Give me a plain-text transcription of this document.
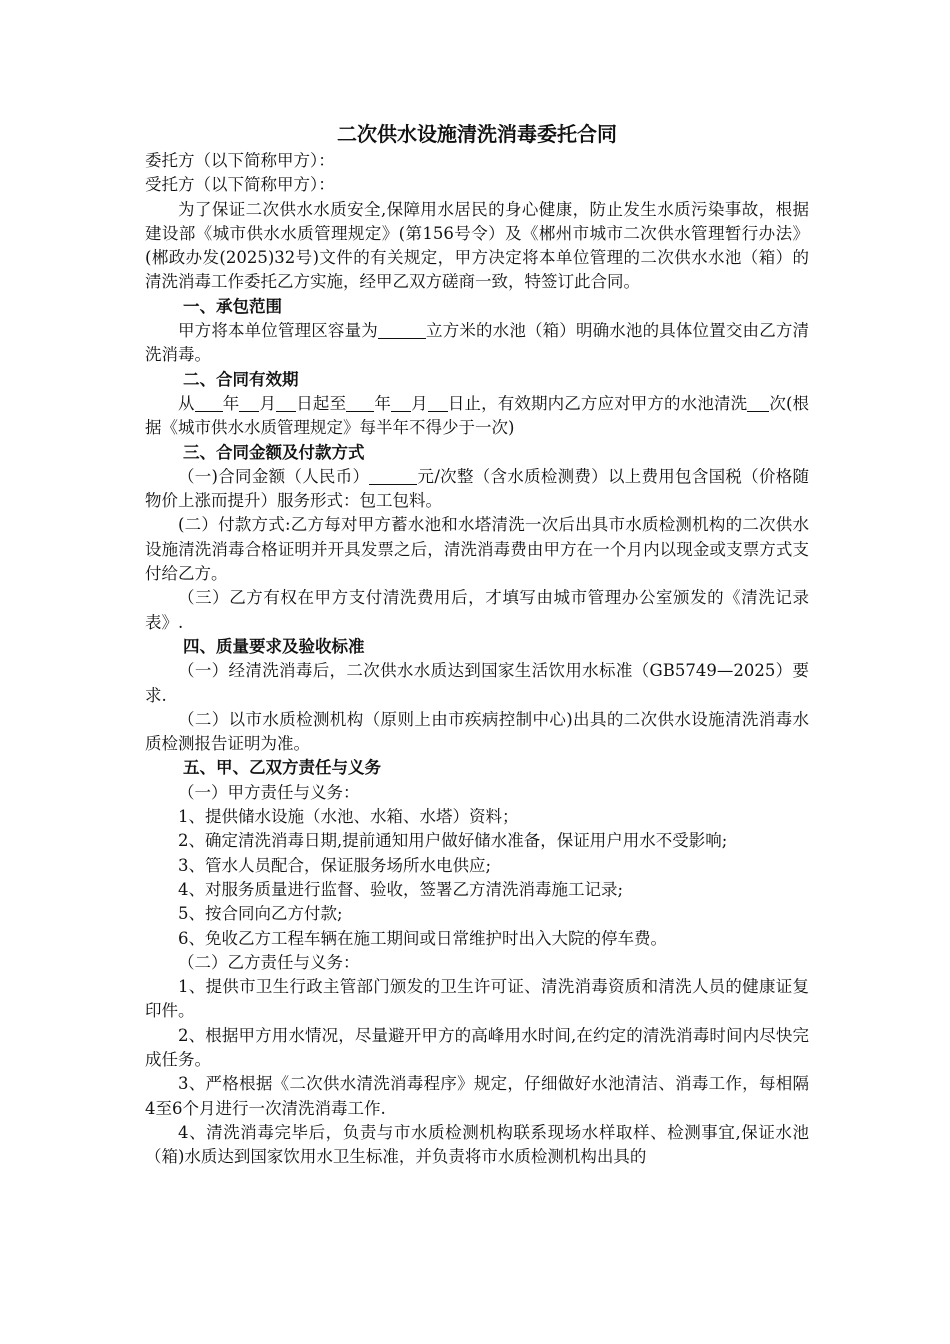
二次供水设施清洗消毒委托合同

委托方（以下简称甲方）：

受托方（以下简称甲方）：

为了保证二次供水水质安全,保障用水居民的身心健康，防止发生水质污染事故，根据建设部《城市供水水质管理规定》(第156号令）及《郴州市城市二次供水管理暂行办法》(郴政办发(2025)32号)文件的有关规定，甲方决定将本单位管理的二次供水水池（箱）的清洗消毒工作委托乙方实施，经甲乙双方磋商一致，特签订此合同。

一、承包范围

甲方将本单位管理区容量为	立方米的水池（箱）明确水池的具体位置交由乙方清洗消毒。

二、合同有效期

从 年 月 日起至 年 月 日止，有效期内乙方应对甲方的水池清洗 次(根据《城市供水水质管理规定》每半年不得少于一次)

三、合同金额及付款方式

（一)合同金额（人民币）	元/次整（含水质检测费）以上费用包含国税（价格随物价上涨而提升）服务形式：包工包料。

(二）付款方式:乙方每对甲方蓄水池和水塔清洗一次后出具市水质检测机构的二次供水设施清洗消毒合格证明并开具发票之后，清洗消毒费由甲方在一个月内以现金或支票方式支付给乙方。

（三）乙方有权在甲方支付清洗费用后，才填写由城市管理办公室颁发的《清洗记录表》.

四、质量要求及验收标准

（一）经清洗消毒后，二次供水水质达到国家生活饮用水标准（GB5749—2025）要求.

（二）以市水质检测机构（原则上由市疾病控制中心)出具的二次供水设施清洗消毒水质检测报告证明为准。

五、甲、乙双方责任与义务

（一）甲方责任与义务：

1、提供储水设施（水池、水箱、水塔）资料；

2、确定清洗消毒日期,提前通知用户做好储水准备，保证用户用水不受影响;

3、管水人员配合，保证服务场所水电供应;

4、对服务质量进行监督、验收，签署乙方清洗消毒施工记录;

5、按合同向乙方付款;

6、免收乙方工程车辆在施工期间或日常维护时出入大院的停车费。

（二）乙方责任与义务：

1、提供市卫生行政主管部门颁发的卫生许可证、清洗消毒资质和清洗人员的健康证复印件。

2、根据甲方用水情况，尽量避开甲方的高峰用水时间,在约定的清洗消毒时间内尽快完成任务。

3、严格根据《二次供水清洗消毒程序》规定，仔细做好水池清洁、消毒工作，每相隔4至6个月进行一次清洗消毒工作.

4、清洗消毒完毕后，负责与市水质检测机构联系现场水样取样、检测事宜,保证水池（箱)水质达到国家饮用水卫生标准，并负责将市水质检测机构出具的
